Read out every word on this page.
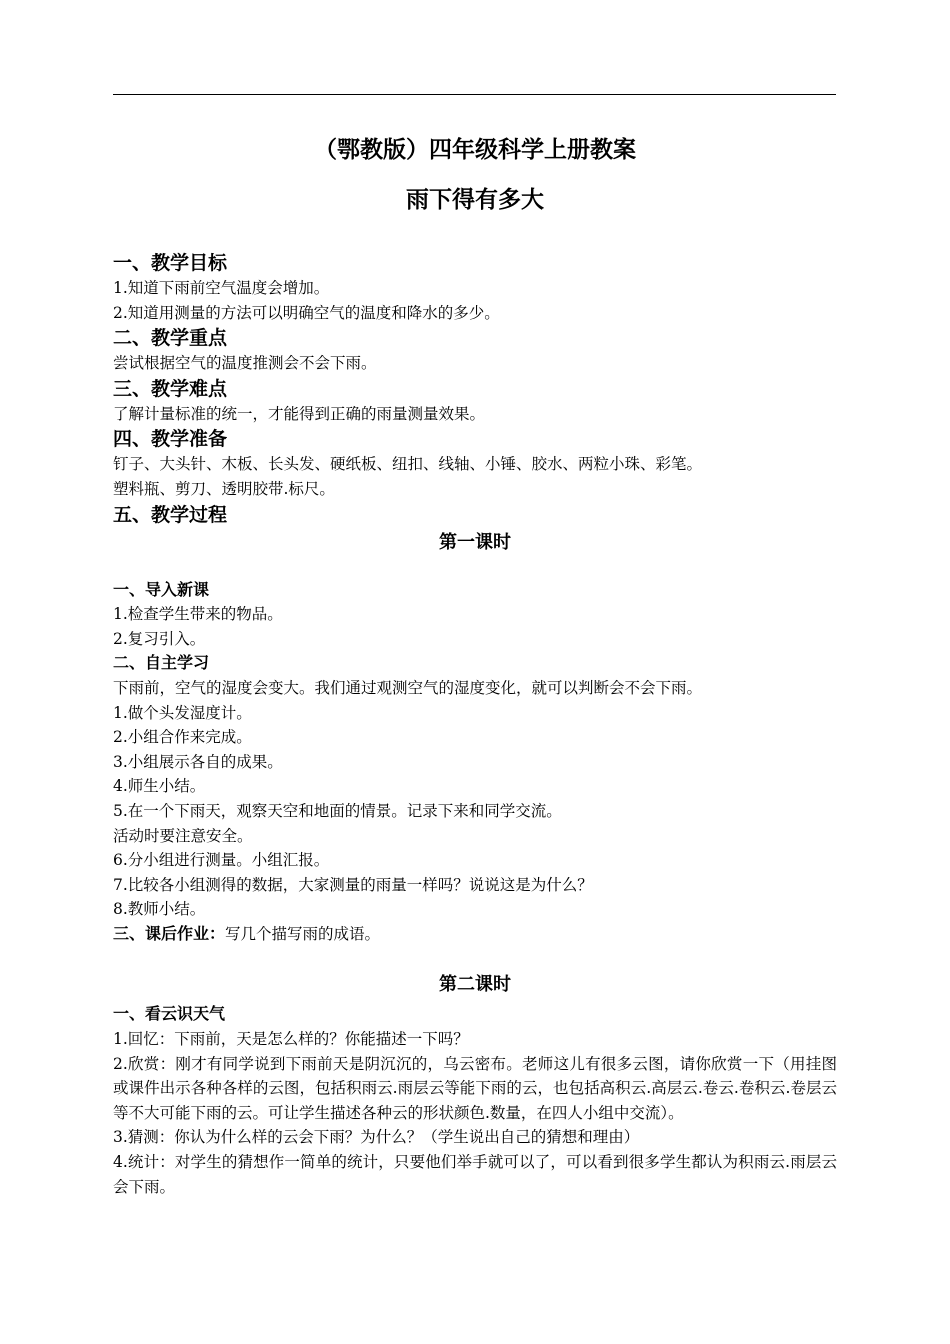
（鄂教版）四年级科学上册教案
雨下得有多大
一、教学目标

1.知道下雨前空气温度会增加。

2.知道用测量的方法可以明确空气的温度和降水的多少。

二、教学重点

尝试根据空气的温度推测会不会下雨。

三、教学难点

了解计量标准的统一，才能得到正确的雨量测量效果。

四、教学准备

钉子、大头针、木板、长头发、硬纸板、纽扣、线轴、小锤、胶水、两粒小珠、彩笔。

塑料瓶、剪刀、透明胶带.标尺。

五、教学过程
第一课时
一、导入新课

1.检查学生带来的物品。

2.复习引入。

二、自主学习

下雨前，空气的湿度会变大。我们通过观测空气的湿度变化，就可以判断会不会下雨。

1.做个头发湿度计。

2.小组合作来完成。

3.小组展示各自的成果。

4.师生小结。

5.在一个下雨天，观察天空和地面的情景。记录下来和同学交流。

活动时要注意安全。

6.分小组进行测量。小组汇报。

7.比较各小组测得的数据，大家测量的雨量一样吗？说说这是为什么？

8.教师小结。

三、课后作业：写几个描写雨的成语。

第二课时
一、看云识天气

1.回忆：下雨前，天是怎么样的？你能描述一下吗？

2.欣赏：刚才有同学说到下雨前天是阴沉沉的，乌云密布。老师这儿有很多云图，请你欣赏一下（用挂图或课件出示各种各样的云图，包括积雨云.雨层云等能下雨的云，也包括高积云.高层云.卷云.卷积云.卷层云等不大可能下雨的云。可让学生描述各种云的形状颜色.数量，在四人小组中交流）。

3.猜测：你认为什么样的云会下雨？为什么？（学生说出自己的猜想和理由）

4.统计：对学生的猜想作一简单的统计，只要他们举手就可以了，可以看到很多学生都认为积雨云.雨层云会下雨。
